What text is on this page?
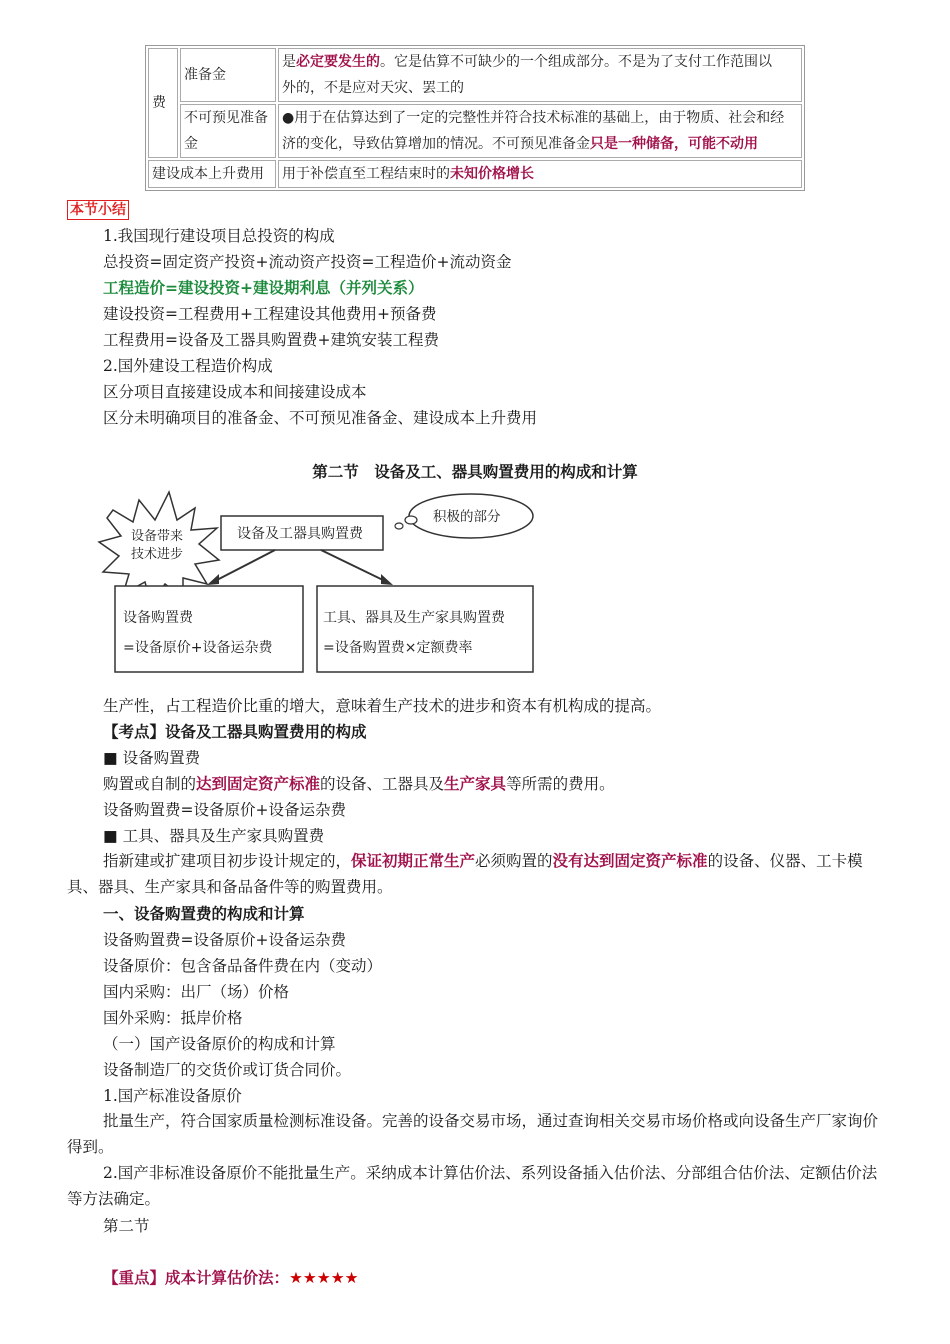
费	准备金	是必定要发生的。它是估算不可缺少的一个组成部分。不是为了支付工作范围以
外的，不是应对天灾、罢工的
	不可预见准备
金	●用于在估算达到了一定的完整性并符合技术标准的基础上，由于物质、社会和经
济的变化，导致估算增加的情况。不可预见准备金只是一种储备，可能不动用
建设成本上升费用		用于补偿直至工程结束时的未知价格增长
本节小结
1.我国现行建设项目总投资的构成
总投资=固定资产投资+流动资产投资=工程造价+流动资金
工程造价=建设投资+建设期利息（并列关系）
建设投资=工程费用+工程建设其他费用+预备费
工程费用=设备及工器具购置费+建筑安装工程费
2.国外建设工程造价构成
区分项目直接建设成本和间接建设成本
区分未明确项目的准备金、不可预见准备金、建设成本上升费用
第二节　设备及工、器具购置费用的构成和计算
设备带来 技术进步
设备及工器具购置费
积极的部分
设备购置费 =设备原价+设备运杂费
工具、器具及生产家具购置费 =设备购置费×定额费率
生产性，占工程造价比重的增大，意味着生产技术的进步和资本有机构成的提高。
【考点】设备及工器具购置费用的构成
■ 设备购置费
购置或自制的达到固定资产标准的设备、工器具及生产家具等所需的费用。
设备购置费=设备原价+设备运杂费
■ 工具、器具及生产家具购置费
指新建或扩建项目初步设计规定的，保证初期正常生产必须购置的没有达到固定资产标准的设备、仪器、工卡模具、器具、生产家具和备品备件等的购置费用。
一、设备购置费的构成和计算
设备购置费=设备原价+设备运杂费
设备原价：包含备品备件费在内（变动）
国内采购：出厂（场）价格
国外采购：抵岸价格
（一）国产设备原价的构成和计算
设备制造厂的交货价或订货合同价。
1.国产标准设备原价
批量生产，符合国家质量检测标准设备。完善的设备交易市场，通过查询相关交易市场价格或向设备生产厂家询价得到。
2.国产非标准设备原价不能批量生产。采纳成本计算估价法、系列设备插入估价法、分部组合估价法、定额估价法等方法确定。
第二节
【重点】成本计算估价法：★★★★★
